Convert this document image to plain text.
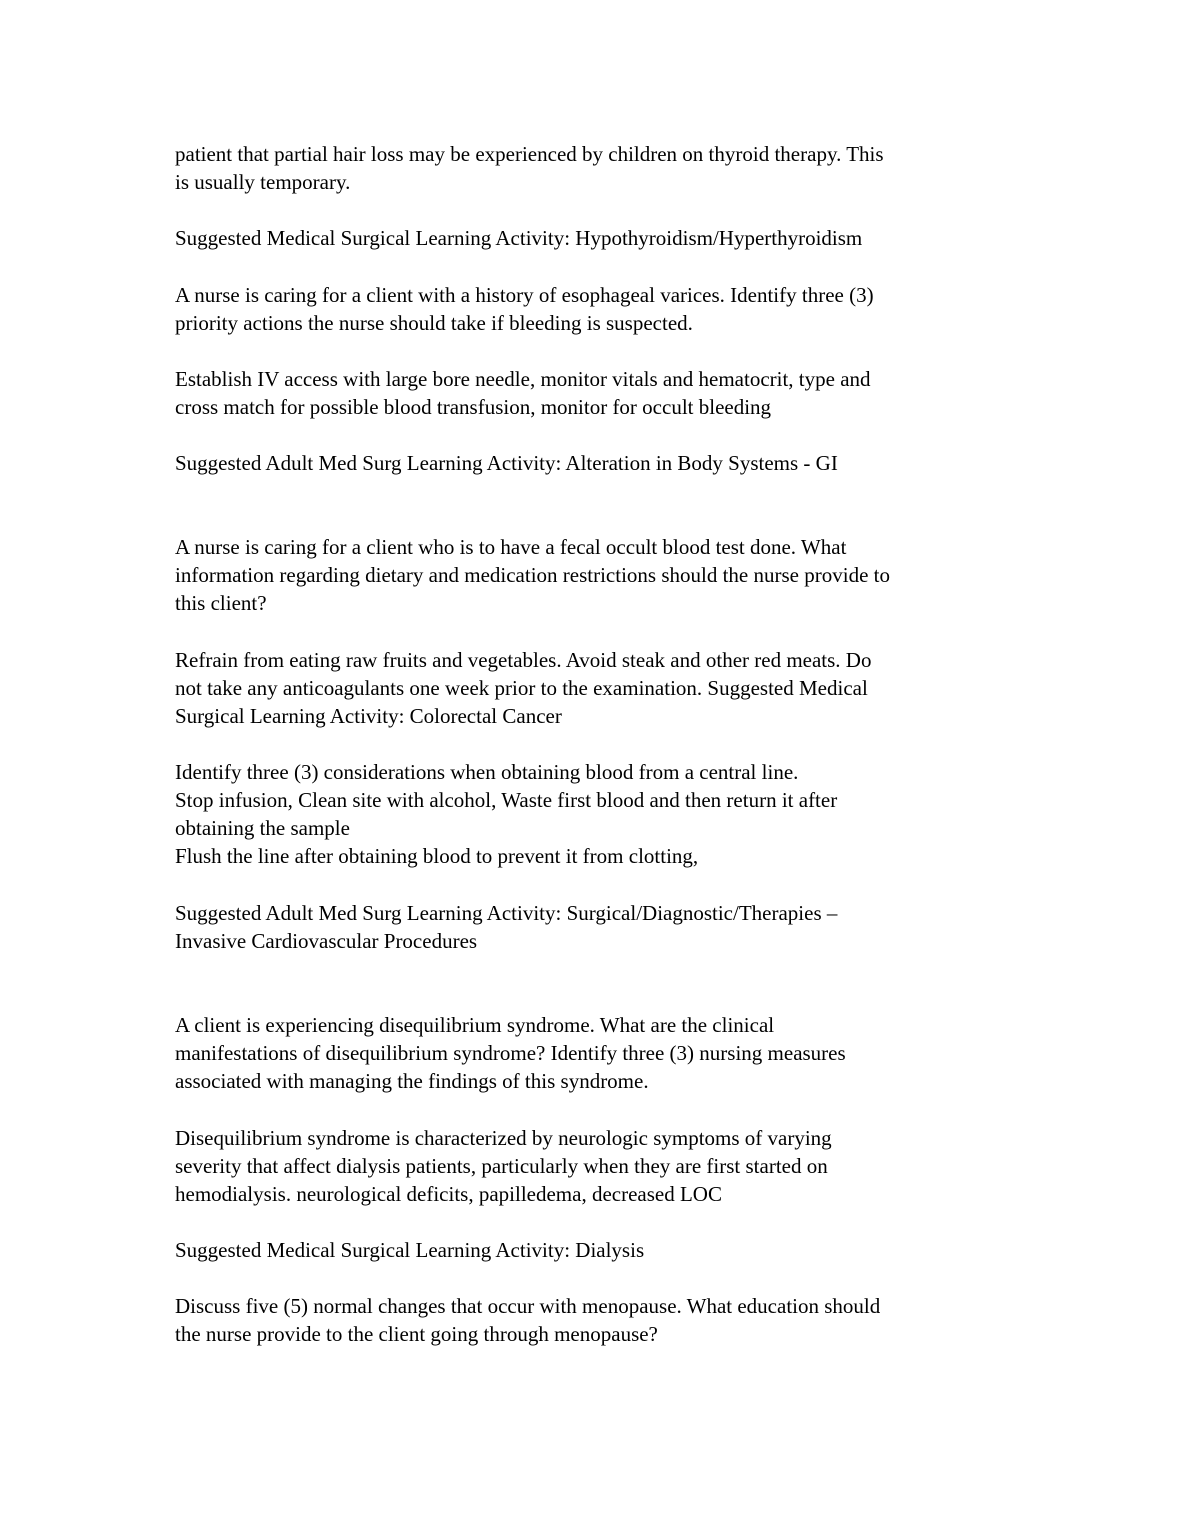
patient that partial hair loss may be experienced by children on thyroid therapy. This
is usually temporary.

Suggested Medical Surgical Learning Activity: Hypothyroidism/Hyperthyroidism

A nurse is caring for a client with a history of esophageal varices. Identify three (3)
priority actions the nurse should take if bleeding is suspected.

Establish IV access with large bore needle, monitor vitals and hematocrit, type and
cross match for possible blood transfusion, monitor for occult bleeding

Suggested Adult Med Surg Learning Activity: Alteration in Body Systems - GI

A nurse is caring for a client who is to have a fecal occult blood test done. What
information regarding dietary and medication restrictions should the nurse provide to
this client?

Refrain from eating raw fruits and vegetables. Avoid steak and other red meats. Do
not take any anticoagulants one week prior to the examination. Suggested Medical
Surgical Learning Activity: Colorectal Cancer

Identify three (3) considerations when obtaining blood from a central line.
Stop infusion, Clean site with alcohol, Waste first blood and then return it after
obtaining the sample
Flush the line after obtaining blood to prevent it from clotting,

Suggested Adult Med Surg Learning Activity: Surgical/Diagnostic/Therapies –
Invasive Cardiovascular Procedures

A client is experiencing disequilibrium syndrome. What are the clinical
manifestations of disequilibrium syndrome? Identify three (3) nursing measures
associated with managing the findings of this syndrome.

Disequilibrium syndrome is characterized by neurologic symptoms of varying
severity that affect dialysis patients, particularly when they are first started on
hemodialysis. neurological deficits, papilledema, decreased LOC

Suggested Medical Surgical Learning Activity: Dialysis

Discuss five (5) normal changes that occur with menopause. What education should
the nurse provide to the client going through menopause?
